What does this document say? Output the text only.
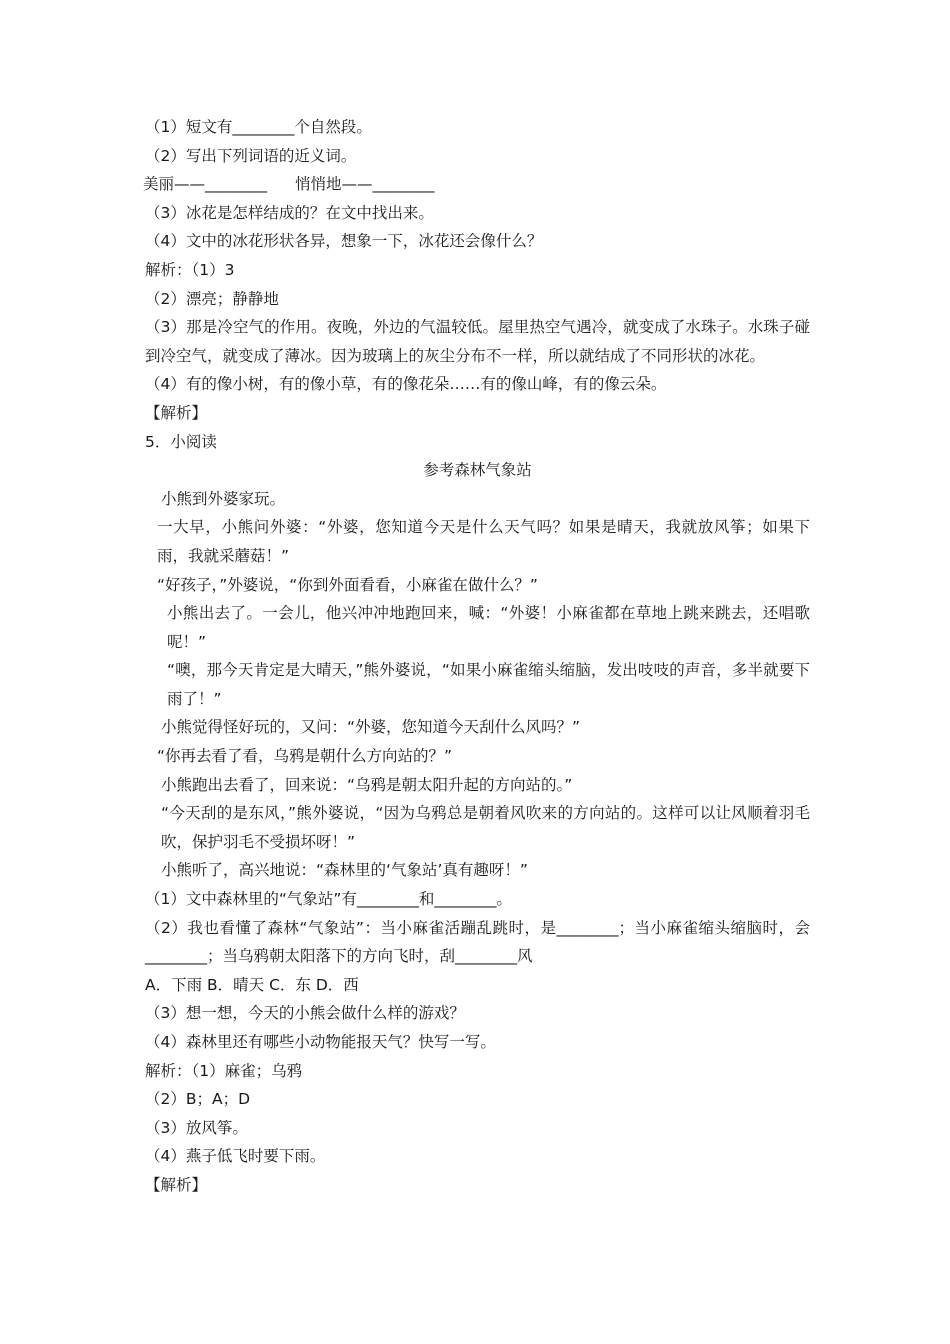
（1）短文有________个自然段。
（2）写出下列词语的近义词。
美丽——________ 悄悄地——________
（3）冰花是怎样结成的？在文中找出来。
（4）文中的冰花形状各异，想象一下，冰花还会像什么？
解析：（1）3
（2）漂亮；静静地
（3）那是冷空气的作用。夜晚，外边的气温较低。屋里热空气遇冷，就变成了水珠子。水珠子碰到冷空气，就变成了薄冰。因为玻璃上的灰尘分布不一样，所以就结成了不同形状的冰花。
（4）有的像小树，有的像小草，有的像花朵……有的像山峰，有的像云朵。
【解析】
5．小阅读
参考森林气象站
小熊到外婆家玩。
一大早，小熊问外婆：“外婆，您知道今天是什么天气吗？如果是晴天，我就放风筝；如果下雨，我就采蘑菇！”
“好孩子，”外婆说，“你到外面看看，小麻雀在做什么？”
小熊出去了。一会儿，他兴冲冲地跑回来，喊：“外婆！小麻雀都在草地上跳来跳去，还唱歌呢！”
“噢，那今天肯定是大晴天，”熊外婆说，“如果小麻雀缩头缩脑，发出吱吱的声音，多半就要下雨了！”
小熊觉得怪好玩的，又问：“外婆，您知道今天刮什么风吗？”
“你再去看了看，乌鸦是朝什么方向站的？”
小熊跑出去看了，回来说：“乌鸦是朝太阳升起的方向站的。”
“今天刮的是东风，”熊外婆说，“因为乌鸦总是朝着风吹来的方向站的。这样可以让风顺着羽毛吹，保护羽毛不受损坏呀！”
小熊听了，高兴地说：“森林里的‘气象站’真有趣呀！”
（1）文中森林里的“气象站”有________和________。
（2）我也看懂了森林“气象站”：当小麻雀活蹦乱跳时，是________；当小麻雀缩头缩脑时，会________；当乌鸦朝太阳落下的方向飞时，刮________风
A．下雨 B．晴天 C．东 D．西
（3）想一想，今天的小熊会做什么样的游戏？
（4）森林里还有哪些小动物能报天气？快写一写。
解析：（1）麻雀；乌鸦
（2）B；A；D
（3）放风筝。
（4）燕子低飞时要下雨。
【解析】
